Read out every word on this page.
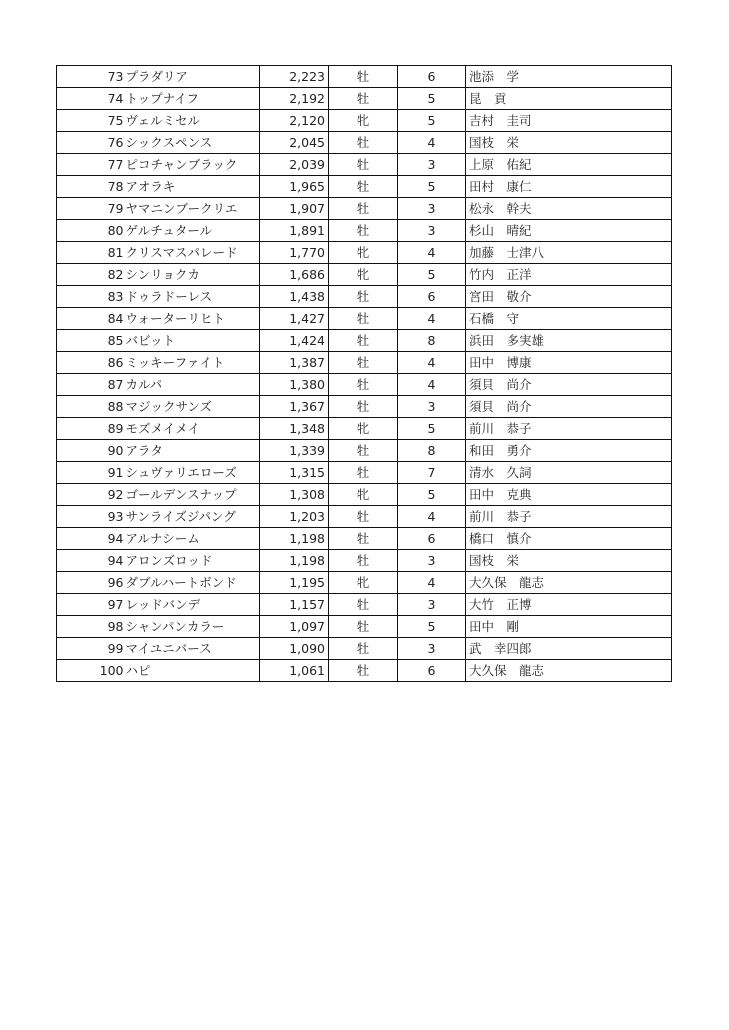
73	プラダリア	2,223	牡	6	池添　学

74	トップナイフ	2,192	牡	5	昆　貢

75	ヴェルミセル	2,120	牝	5	吉村　圭司

76	シックスペンス	2,045	牡	4	国枝　栄

77	ピコチャンブラック	2,039	牡	3	上原　佑紀

78	アオラキ	1,965	牡	5	田村　康仁

79	ヤマニンブークリエ	1,907	牡	3	松永　幹夫

80	ゲルチュタール	1,891	牡	3	杉山　晴紀

81	クリスマスパレード	1,770	牝	4	加藤　士津八

82	シンリョクカ	1,686	牝	5	竹内　正洋

83	ドゥラドーレス	1,438	牡	6	宮田　敬介

84	ウォーターリヒト	1,427	牡	4	石橋　守

85	バビット	1,424	牡	8	浜田　多実雄

86	ミッキーファイト	1,387	牡	4	田中　博康

87	カルパ	1,380	牡	4	須貝　尚介

88	マジックサンズ	1,367	牡	3	須貝　尚介

89	モズメイメイ	1,348	牝	5	前川　恭子

90	アラタ	1,339	牡	8	和田　勇介

91	シュヴァリエローズ	1,315	牡	7	清水　久詞

92	ゴールデンスナップ	1,308	牝	5	田中　克典

93	サンライズジパング	1,203	牡	4	前川　恭子

94	アルナシーム	1,198	牡	6	橋口　慎介

94	アロンズロッド	1,198	牡	3	国枝　栄

96	ダブルハートボンド	1,195	牝	4	大久保　龍志

97	レッドバンデ	1,157	牡	3	大竹　正博

98	シャンパンカラー	1,097	牡	5	田中　剛

99	マイユニバース	1,090	牡	3	武　幸四郎

100	ハピ	1,061	牡	6	大久保　龍志
